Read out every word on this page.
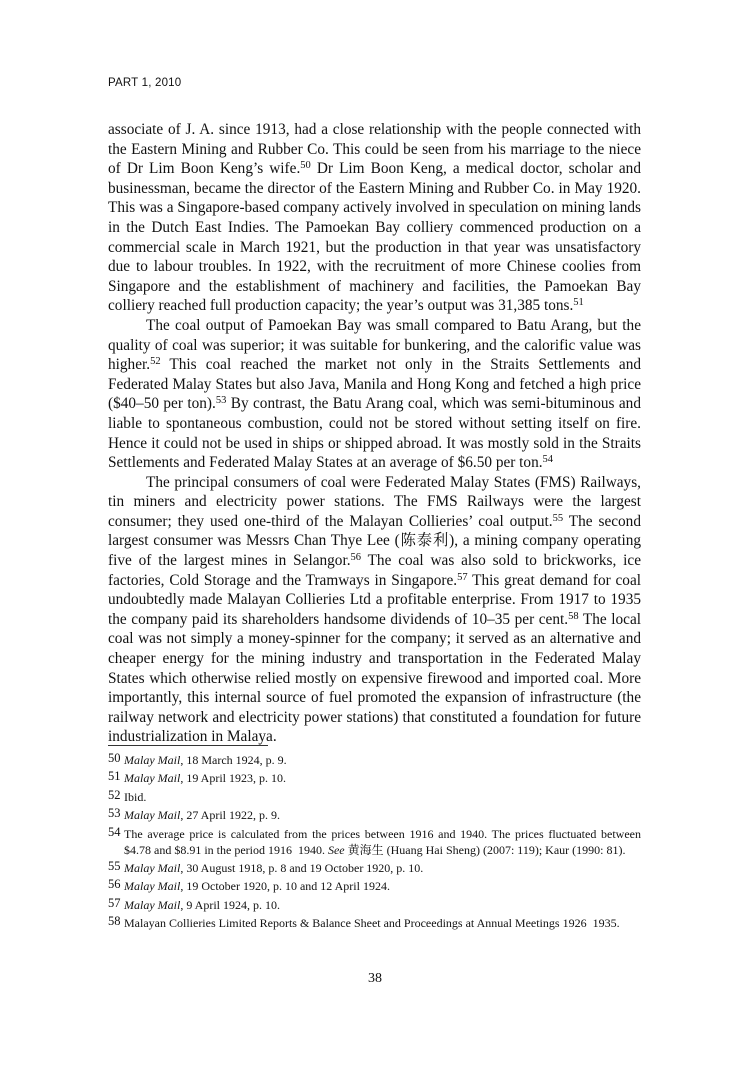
PART 1, 2010

associate of J. A. since 1913, had a close relationship with the people connected with the Eastern Mining and Rubber Co. This could be seen from his marriage to the niece of Dr Lim Boon Keng’s wife.$^{50}$ Dr Lim Boon Keng, a medical doctor, scholar and businessman, became the director of the Eastern Mining and Rubber Co. in May 1920. This was a Singapore-based company actively involved in speculation on mining lands in the Dutch East Indies. The Pamoekan Bay colliery commenced production on a commercial scale in March 1921, but the production in that year was unsatisfactory due to labour troubles. In 1922, with the recruitment of more Chinese coolies from Singapore and the establishment of machinery and facilities, the Pamoekan Bay colliery reached full production capacity; the year’s output was 31,385 tons.$^{51}$

The coal output of Pamoekan Bay was small compared to Batu Arang, but the quality of coal was superior; it was suitable for bunkering, and the calorific value was higher.$^{52}$ This coal reached the market not only in the Straits Settlements and Federated Malay States but also Java, Manila and Hong Kong and fetched a high price ($40–50 per ton).$^{53}$ By contrast, the Batu Arang coal, which was semi-bituminous and liable to spontaneous combustion, could not be stored without setting itself on fire. Hence it could not be used in ships or shipped abroad. It was mostly sold in the Straits Settlements and Federated Malay States at an average of $6.50 per ton.$^{54}$

The principal consumers of coal were Federated Malay States (FMS) Railways, tin miners and electricity power stations. The FMS Railways were the largest consumer; they used one-third of the Malayan Collieries’ coal output.$^{55}$ The second largest consumer was Messrs Chan Thye Lee (陈泰利), a mining company operating five of the largest mines in Selangor.$^{56}$ The coal was also sold to brickworks, ice factories, Cold Storage and the Tramways in Singapore.$^{57}$ This great demand for coal undoubtedly made Malayan Collieries Ltd a profitable enterprise. From 1917 to 1935 the company paid its shareholders handsome dividends of 10–35 per cent.$^{58}$ The local coal was not simply a money-spinner for the company; it served as an alternative and cheaper energy for the mining industry and transportation in the Federated Malay States which otherwise relied mostly on expensive firewood and imported coal. More importantly, this internal source of fuel promoted the expansion of infrastructure (the railway network and electricity power stations) that constituted a foundation for future industrialization in Malaya.

50 Malay Mail, 18 March 1924, p. 9.
51 Malay Mail, 19 April 1923, p. 10.
52 Ibid.
53 Malay Mail, 27 April 1922, p. 9.
54 The average price is calculated from the prices between 1916 and 1940. The prices fluctuated between $4.78 and $8.91 in the period 1916 1940. See 黄海生 (Huang Hai Sheng) (2007: 119); Kaur (1990: 81).
55 Malay Mail, 30 August 1918, p. 8 and 19 October 1920, p. 10.
56 Malay Mail, 19 October 1920, p. 10 and 12 April 1924.
57 Malay Mail, 9 April 1924, p. 10.
58 Malayan Collieries Limited Reports & Balance Sheet and Proceedings at Annual Meetings 1926 1935.
38
